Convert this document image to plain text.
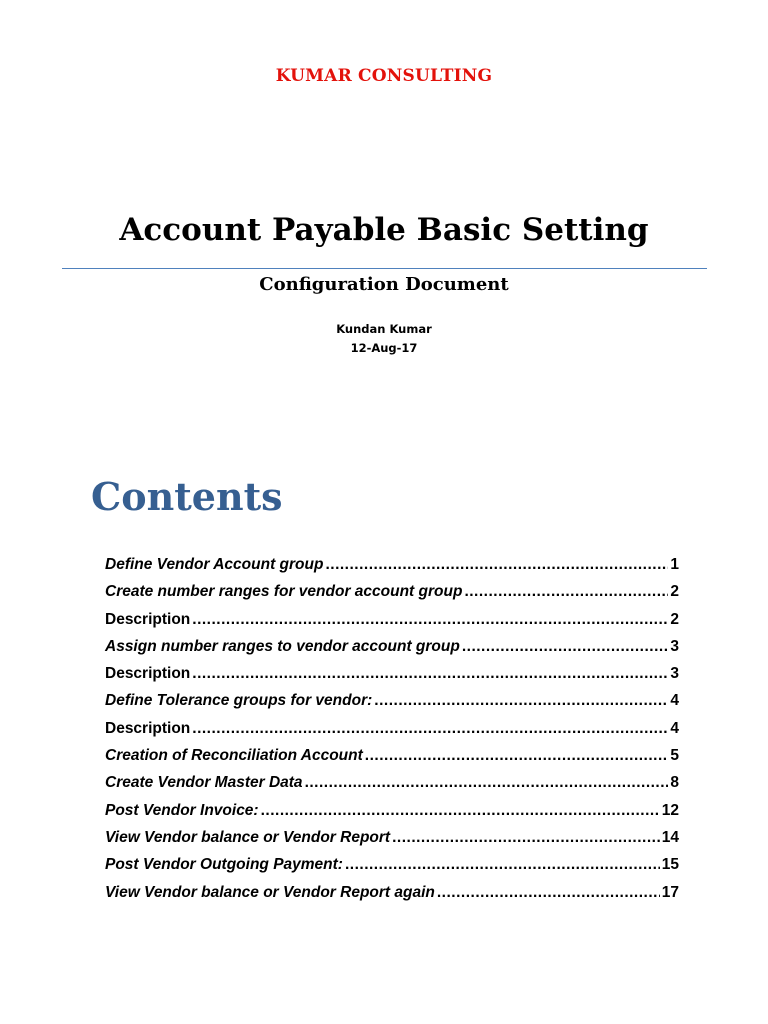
KUMAR CONSULTING
Account Payable Basic Setting
Configuration Document
Kundan Kumar
12-Aug-17
Contents
Define Vendor Account group .....	1
Create number ranges for vendor account group .....	2
Description .....	2
Assign number ranges to vendor account group .....	3
Description .....	3
Define Tolerance groups for vendor: .....	4
Description .....	4
Creation of Reconciliation Account .....	5
Create Vendor Master Data .....	8
Post Vendor Invoice: .....	12
View Vendor balance or Vendor Report .....	14
Post Vendor Outgoing Payment: .....	15
View Vendor balance or Vendor Report again .....	17
